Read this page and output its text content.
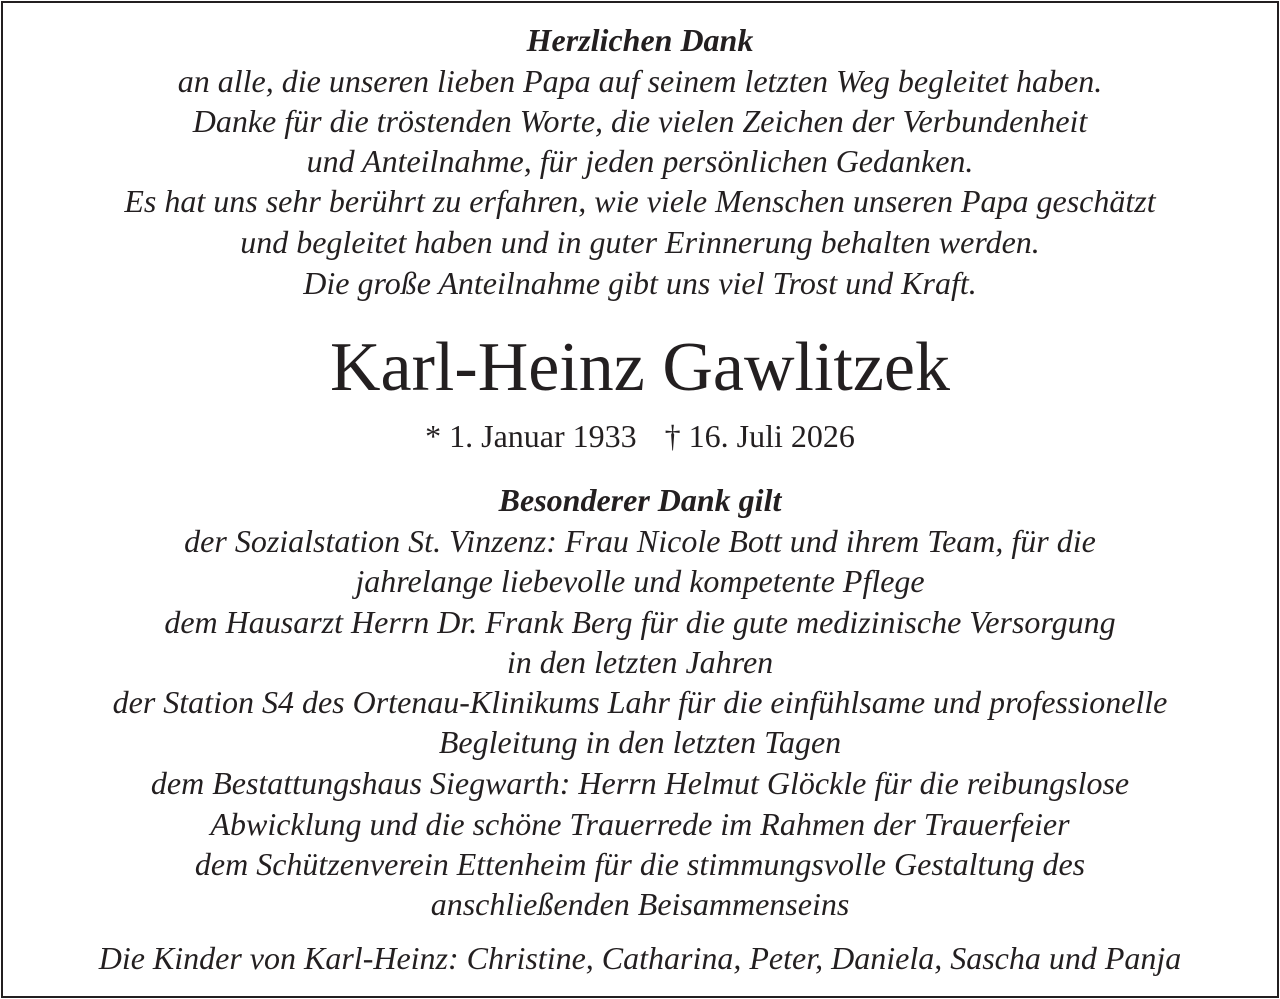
Herzlichen Dank
an alle, die unseren lieben Papa auf seinem letzten Weg begleitet haben.
Danke für die tröstenden Worte, die vielen Zeichen der Verbundenheit
und Anteilnahme, für jeden persönlichen Gedanken.
Es hat uns sehr berührt zu erfahren, wie viele Menschen unseren Papa geschätzt
und begleitet haben und in guter Erinnerung behalten werden.
Die große Anteilnahme gibt uns viel Trost und Kraft.
Karl-Heinz Gawlitzek
* 1. Januar 1933 † 16. Juli 2026
Besonderer Dank gilt
der Sozialstation St. Vinzenz: Frau Nicole Bott und ihrem Team, für die
jahrelange liebevolle und kompetente Pflege
dem Hausarzt Herrn Dr. Frank Berg für die gute medizinische Versorgung
in den letzten Jahren
der Station S4 des Ortenau-Klinikums Lahr für die einfühlsame und professionelle
Begleitung in den letzten Tagen
dem Bestattungshaus Siegwarth: Herrn Helmut Glöckle für die reibungslose
Abwicklung und die schöne Trauerrede im Rahmen der Trauerfeier
dem Schützenverein Ettenheim für die stimmungsvolle Gestaltung des
anschließenden Beisammenseins
Die Kinder von Karl-Heinz: Christine, Catharina, Peter, Daniela, Sascha und Panja
